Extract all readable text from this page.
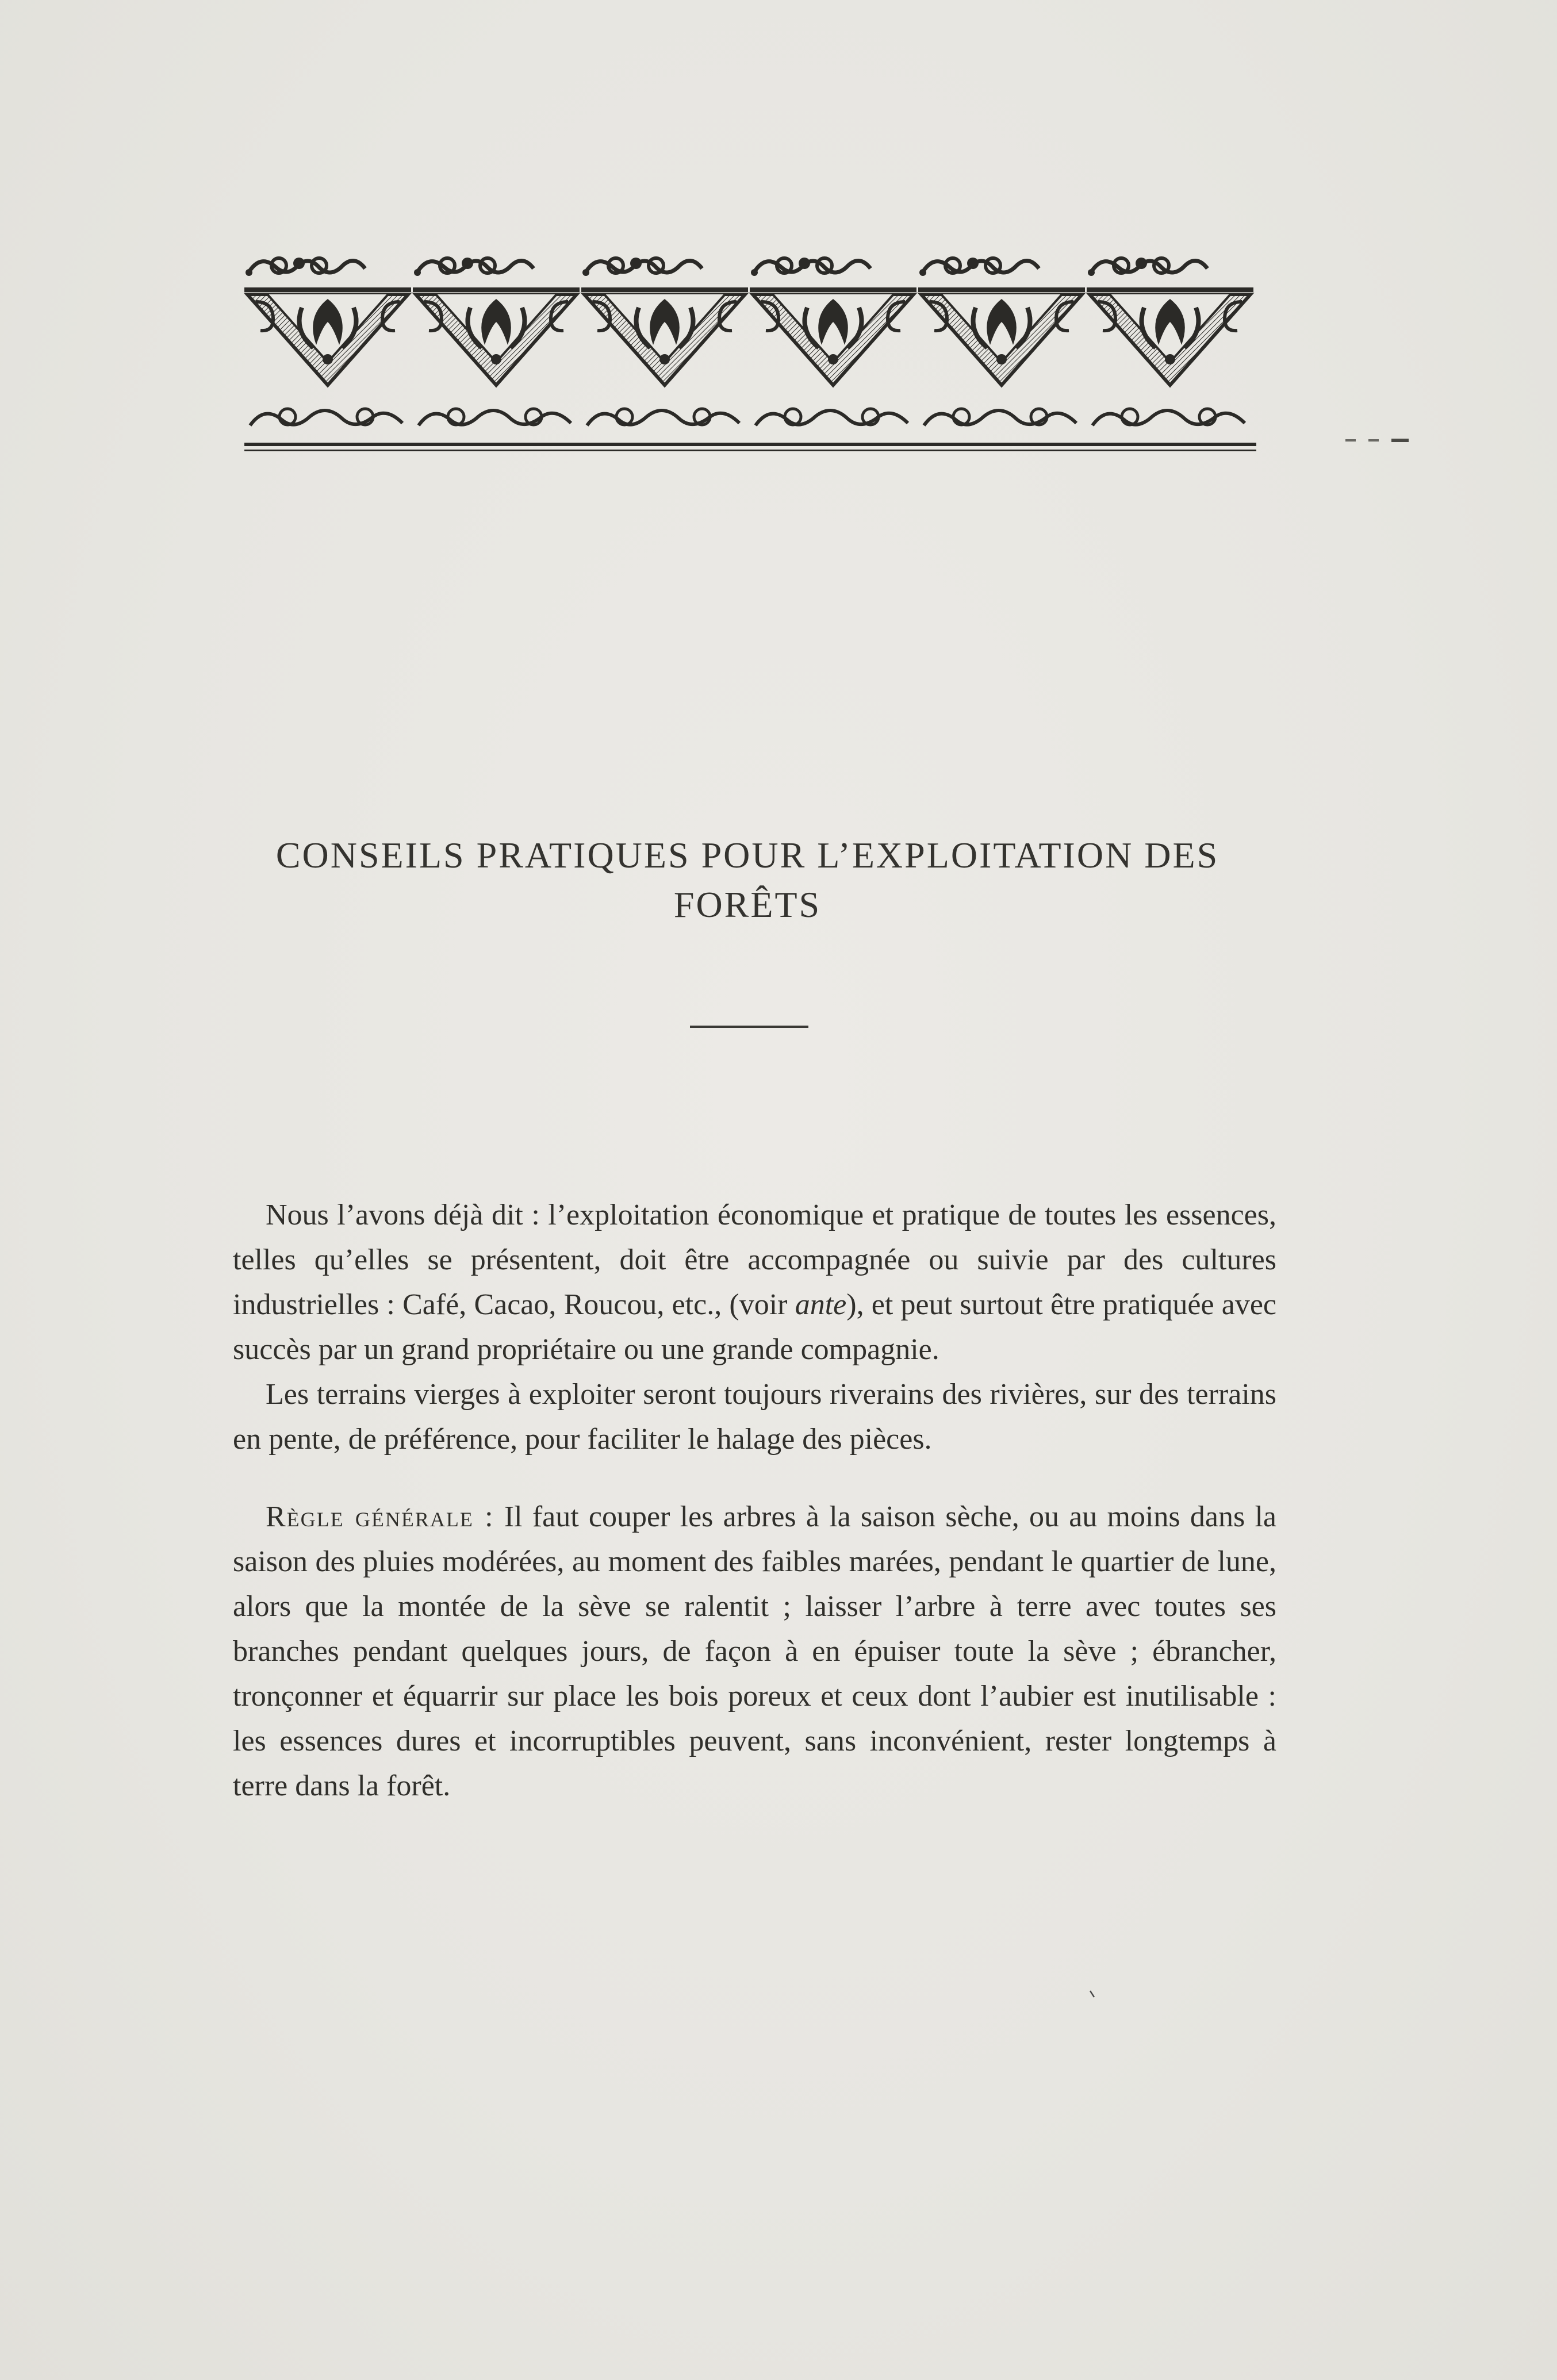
CONSEILS PRATIQUES POUR L’EXPLOITATION DES
FORÊTS

Nous l’avons déjà dit : l’exploitation économique et pratique de toutes les essences, telles qu’elles se présentent, doit être accompagnée ou suivie par des cultures industrielles : Café, Cacao, Roucou, etc., (voir ante), et peut surtout être pratiquée avec succès par un grand propriétaire ou une grande compagnie.

Les terrains vierges à exploiter seront toujours riverains des rivières, sur des terrains en pente, de préférence, pour faciliter le halage des pièces.

Règle générale : Il faut couper les arbres à la saison sèche, ou au moins dans la saison des pluies modérées, au moment des faibles marées, pendant le quartier de lune, alors que la montée de la sève se ralentit ; laisser l’arbre à terre avec toutes ses branches pendant quelques jours, de façon à en épuiser toute la sève ; ébrancher, tronçonner et équarrir sur place les bois poreux et ceux dont l’aubier est inutilisable : les essences dures et incorruptibles peuvent, sans inconvénient, rester longtemps à terre dans la forêt.
